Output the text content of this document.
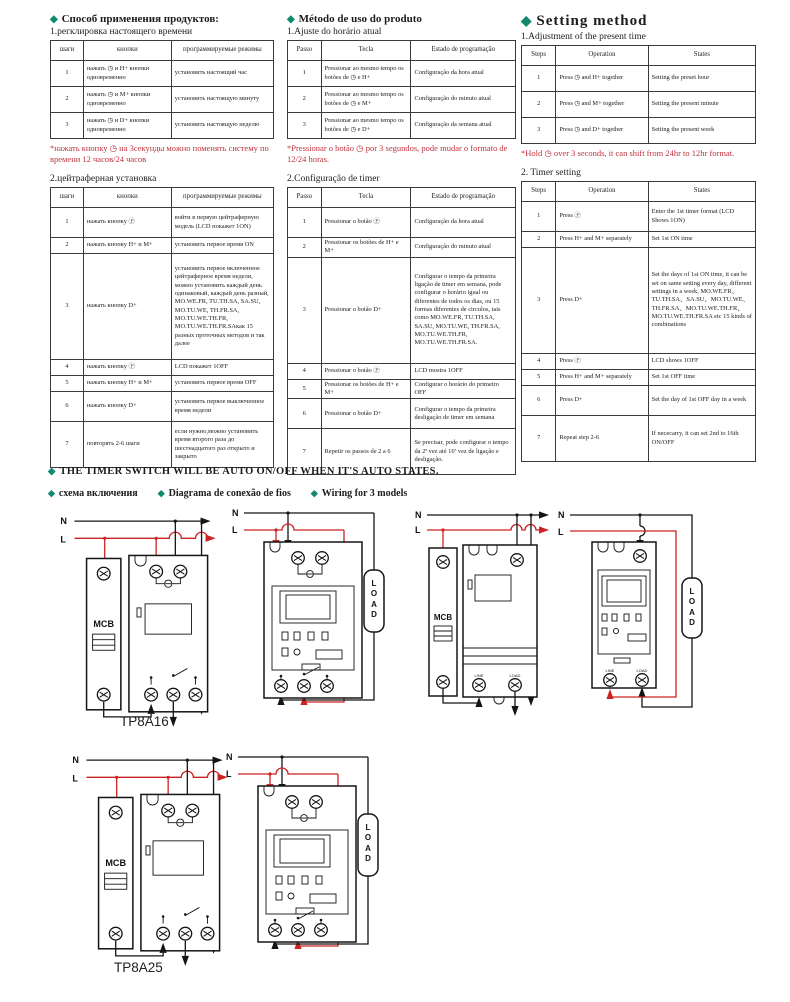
◆ Способ применения продуктов:
1.регклировка настоящего времени
шаги	кнопки	программируемые режимы
1	нажать ◷ и H+ кнопки одновременно	установить настоящий час
2	нажать ◷ и M+ кнопки одновременно	установить настоящую минуту
3	нажать ◷ и D+ кнопки одновременно	установить настоящую неделю
*нажать кнопку ◷ на 3секунды можно поменять систему по времени 12 часов/24 часов
2.цейтраферная установка
шаги	кнопки	программируемые режимы
1	нажать кнопку Ⓟ	войти в первую цейтраферную модель (LCD покажет 1ON)
2	нажать кнопку H+ и M+	установить первое время ON
3	нажать кнопку D+	установить первое включенное цейтраферное время недели, можно установить каждый день одинаковый, каждый день разный, MO.WE.FR, TU.TH.SA, SA.SU, MO.TU.WE, TH.FR.SA, MO.TU.WE.TH.FR, MO.TU.WE.TH.FR.SAкак 15 разных проточных методов и так далее
4	нажать кнопку Ⓟ	LCD покажет 1OFF
5	нажать кнопку H+ и M+	установить первое время OFF
6	нажать кнопку D+	установить первое выключенное время недели
7	повторять 2-6 шаги	если нужно,можно установить время второго раза до шестнадцатого раз открыто и закрыто
◆ Método de uso do produto
1.Ajuste do horário atual
Passo	Tecla	Estado de programação
1	Pressionar ao mesmo tempo os botões de ◷ e H+	Configuração da hora atual
2	Pressionar ao mesmo tempo os botões de ◷ e M+	Configuração do minuto atual
3	Pressionar ao mesmo tempo os botões de ◷ e D+	Configuração da semana atual
*Pressionar o botão ◷ por 3 segundos, pode mudar o formato de 12/24 horas.
2.Configuração de timer
Passo	Tecla	Estado de programação
1	Pressionar o botão Ⓟ	Configuração da hora atual
2	Pressionar os botões de H+ e M+	Configuração do minuto atual
3	Pressionar o botão D+	Configurar o tempo da primeira ligação de timer em semana, pode configurar o horário igual ou diferentes de todos os dias, ou 15 formas diferentes de circulos, tais como MO.WE.FR, TU.TH.SA, SA.SU, MO.TU.WE, TH.FR.SA, MO.TU.WE.TH.FR, MO.TU.WE.TH.FR.SA.
4	Pressionar o botão Ⓟ	LCD mostra 1OFF
5	Pressionar os botões de H+ e M+	Configurar o horário do primeiro OFF
6	Pressionar o botão D+	Configurar o tempo da primeira desligação de timer em semana
7	Repetir os passos de 2 a 6	Se precisar, pode configurar o tempo da 2ª vez até 16ª vez de ligação e desligação.
◆ Setting method
1.Adjustment of the present time
Steps	Operation	States
1	Press ◷ and H+ together	Setting the preset hour
2	Press ◷ and M+ together	Setting the present minute
3	Press ◷ and D+ together	Setting the present week
*Hold ◷ over 3 seconds, it can shift from 24hr to 12hr format.
2. Timer setting
Steps	Operation	States
1	Press Ⓟ	Enter the 1st timer format (LCD Shows 1ON)
2	Press H+ and M+ separately	Set 1st ON time
3	Press D+	Set the days of 1st ON time, it can be set on same setting every day, different settings in a week, MO.WE.FR、TU.TH.SA、SA.SU、MO.TU.WE、TH.FR.SA、MO.TU.WE.TH.FR、MO.TU.WE.TH.FR.SA etc 15 kinds of combinations
4	Press Ⓟ	LCD shows 1OFF
5	Press H+ and M+ separately	Set 1st OFF time
6	Press D+	Set the day of 1st OFF day in a week
7	Repeat step 2-6	If nececarry, it can set 2nd to 16th ON/OFF
◆ THE TIMER SWITCH WILL BE AUTO ON/OFF WHEN IT'S AUTO STATES.
◆ схема включения ◆ Diagrama de conexão de fios ◆ Wiring for 3 models
N
L
MCB
N
L
LOAD
N
L
MCB
LINE	LOAD
N
L
LINE	LOAD
LOAD
N
L
MCB
N
L
LOAD
TP8A16
TP8A25
